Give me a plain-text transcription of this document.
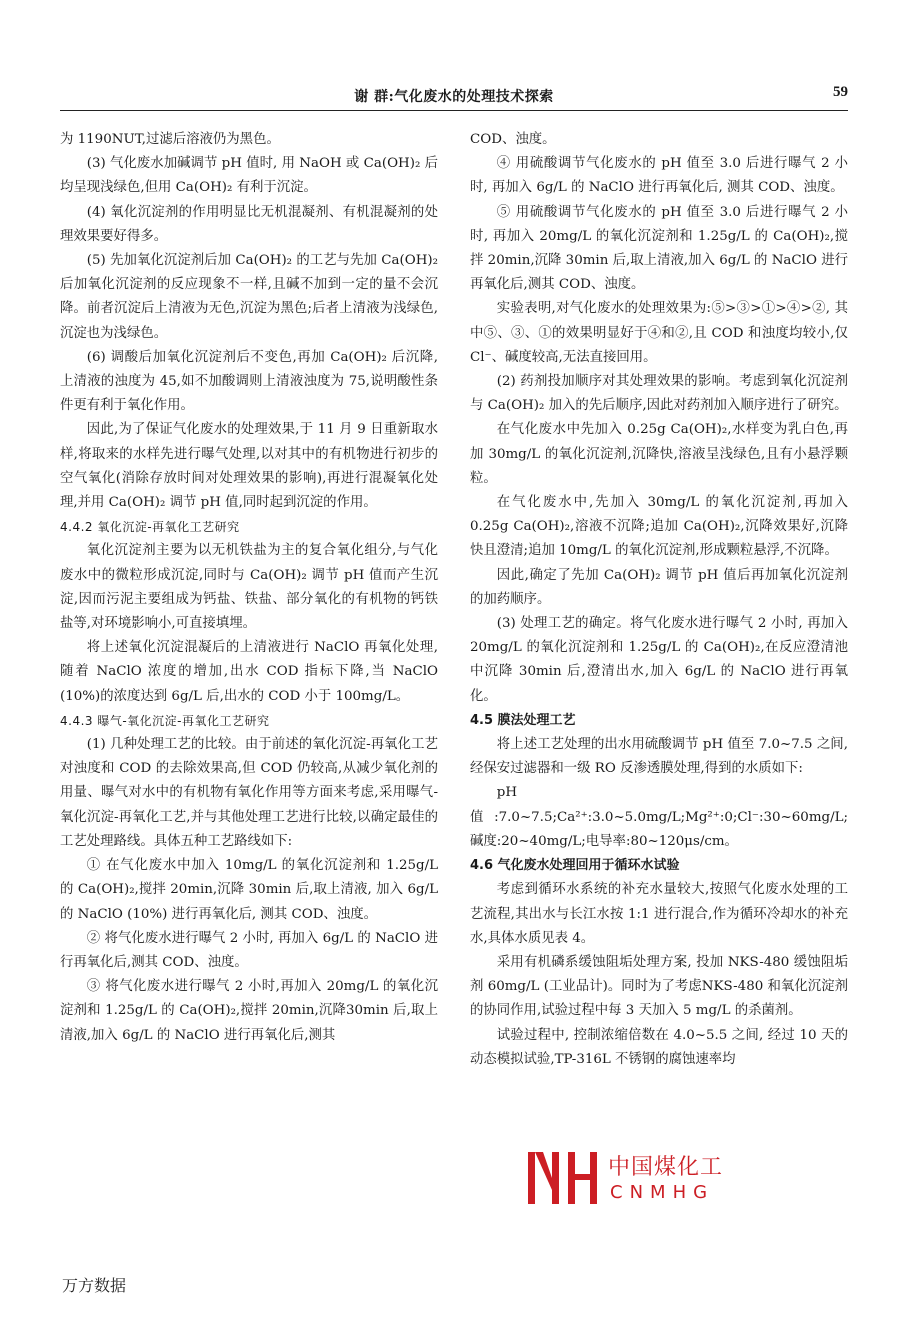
谢 群:气化废水的处理技术探索	59

为 1190NUT,过滤后溶液仍为黑色。

(3) 气化废水加碱调节 pH 值时, 用 NaOH 或 Ca(OH)₂ 后均呈现浅绿色,但用 Ca(OH)₂ 有利于沉淀。

(4) 氧化沉淀剂的作用明显比无机混凝剂、有机混凝剂的处理效果要好得多。

(5) 先加氧化沉淀剂后加 Ca(OH)₂ 的工艺与先加 Ca(OH)₂ 后加氧化沉淀剂的反应现象不一样,且碱不加到一定的量不会沉降。前者沉淀后上清液为无色,沉淀为黑色;后者上清液为浅绿色,沉淀也为浅绿色。

(6) 调酸后加氧化沉淀剂后不变色,再加 Ca(OH)₂ 后沉降,上清液的浊度为 45,如不加酸调则上清液浊度为 75,说明酸性条件更有利于氧化作用。

因此,为了保证气化废水的处理效果,于 11 月 9 日重新取水样,将取来的水样先进行曝气处理,以对其中的有机物进行初步的空气氧化(消除存放时间对处理效果的影响),再进行混凝氧化处理,并用 Ca(OH)₂ 调节 pH 值,同时起到沉淀的作用。

4.4.2 氧化沉淀-再氧化工艺研究

氧化沉淀剂主要为以无机铁盐为主的复合氧化组分,与气化废水中的微粒形成沉淀,同时与 Ca(OH)₂ 调节 pH 值而产生沉淀,因而污泥主要组成为钙盐、铁盐、部分氧化的有机物的钙铁盐等,对环境影响小,可直接填埋。

将上述氧化沉淀混凝后的上清液进行 NaClO 再氧化处理,随着 NaClO 浓度的增加,出水 COD 指标下降,当 NaClO (10%)的浓度达到 6g/L 后,出水的 COD 小于 100mg/L。

4.4.3 曝气-氧化沉淀-再氧化工艺研究

(1) 几种处理工艺的比较。由于前述的氧化沉淀-再氧化工艺对浊度和 COD 的去除效果高,但 COD 仍较高,从减少氧化剂的用量、曝气对水中的有机物有氧化作用等方面来考虑,采用曝气-氧化沉淀-再氧化工艺,并与其他处理工艺进行比较,以确定最佳的工艺处理路线。具体五种工艺路线如下:

① 在气化废水中加入 10mg/L 的氧化沉淀剂和 1.25g/L 的 Ca(OH)₂,搅拌 20min,沉降 30min 后,取上清液, 加入 6g/L 的 NaClO (10%) 进行再氧化后, 测其 COD、浊度。

② 将气化废水进行曝气 2 小时, 再加入 6g/L 的 NaClO 进行再氧化后,测其 COD、浊度。

③ 将气化废水进行曝气 2 小时,再加入 20mg/L 的氧化沉淀剂和 1.25g/L 的 Ca(OH)₂,搅拌 20min,沉降30min 后,取上清液,加入 6g/L 的 NaClO 进行再氧化后,测其

COD、浊度。

④ 用硫酸调节气化废水的 pH 值至 3.0 后进行曝气 2 小时, 再加入 6g/L 的 NaClO 进行再氧化后, 测其 COD、浊度。

⑤ 用硫酸调节气化废水的 pH 值至 3.0 后进行曝气 2 小时, 再加入 20mg/L 的氧化沉淀剂和 1.25g/L 的 Ca(OH)₂,搅拌 20min,沉降 30min 后,取上清液,加入 6g/L 的 NaClO 进行再氧化后,测其 COD、浊度。

实验表明,对气化废水的处理效果为:⑤>③>①>④>②, 其中⑤、③、①的效果明显好于④和②,且 COD 和浊度均较小,仅 Cl⁻、碱度较高,无法直接回用。

(2) 药剂投加顺序对其处理效果的影响。考虑到氧化沉淀剂与 Ca(OH)₂ 加入的先后顺序,因此对药剂加入顺序进行了研究。

在气化废水中先加入 0.25g Ca(OH)₂,水样变为乳白色,再加 30mg/L 的氧化沉淀剂,沉降快,溶液呈浅绿色,且有小悬浮颗粒。

在气化废水中,先加入 30mg/L 的氧化沉淀剂,再加入 0.25g Ca(OH)₂,溶液不沉降;追加 Ca(OH)₂,沉降效果好,沉降快且澄清;追加 10mg/L 的氧化沉淀剂,形成颗粒悬浮,不沉降。

因此,确定了先加 Ca(OH)₂ 调节 pH 值后再加氧化沉淀剂的加药顺序。

(3) 处理工艺的确定。将气化废水进行曝气 2 小时, 再加入 20mg/L 的氧化沉淀剂和 1.25g/L 的 Ca(OH)₂,在反应澄清池中沉降 30min 后,澄清出水,加入 6g/L 的 NaClO 进行再氧化。

4.5 膜法处理工艺

将上述工艺处理的出水用硫酸调节 pH 值至 7.0~7.5 之间,经保安过滤器和一级 RO 反渗透膜处理,得到的水质如下:

pH 值:7.0~7.5;Ca²⁺:3.0~5.0mg/L;Mg²⁺:0;Cl⁻:30~60mg/L;碱度:20~40mg/L;电导率:80~120μs/cm。

4.6 气化废水处理回用于循环水试验

考虑到循环水系统的补充水量较大,按照气化废水处理的工艺流程,其出水与长江水按 1:1 进行混合,作为循环冷却水的补充水,具体水质见表 4。

采用有机磷系缓蚀阻垢处理方案, 投加 NKS-480 缓蚀阻垢剂 60mg/L (工业品计)。同时为了考虑NKS-480 和氧化沉淀剂的协同作用,试验过程中每 3 天加入 5 mg/L 的杀菌剂。

试验过程中, 控制浓缩倍数在 4.0~5.5 之间, 经过 10 天的动态模拟试验,TP-316L 不锈钢的腐蚀速率均

万方数据
中国煤化工
CNMHG
